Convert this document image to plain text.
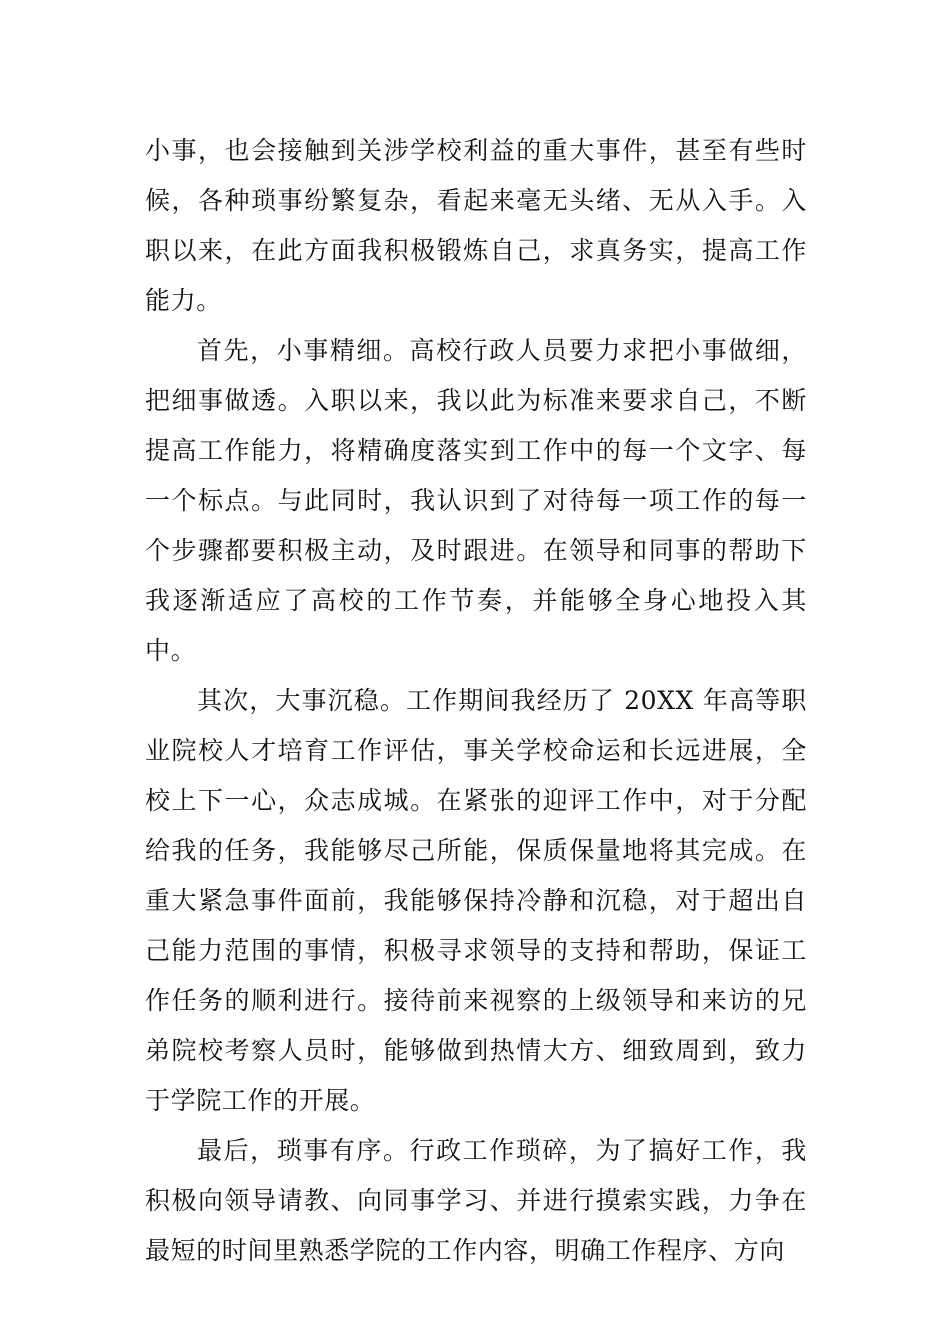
小事，也会接触到关涉学校利益的重大事件，甚至有些时候，各种琐事纷繁复杂，看起来毫无头绪、无从入手。入职以来，在此方面我积极锻炼自己，求真务实，提高工作能力。

首先，小事精细。高校行政人员要力求把小事做细，把细事做透。入职以来，我以此为标准来要求自己，不断提高工作能力，将精确度落实到工作中的每一个文字、每一个标点。与此同时，我认识到了对待每一项工作的每一个步骤都要积极主动，及时跟进。在领导和同事的帮助下我逐渐适应了高校的工作节奏，并能够全身心地投入其中。

其次，大事沉稳。工作期间我经历了 20XX 年高等职业院校人才培育工作评估，事关学校命运和长远进展，全校上下一心，众志成城。在紧张的迎评工作中，对于分配给我的任务，我能够尽己所能，保质保量地将其完成。在重大紧急事件面前，我能够保持冷静和沉稳，对于超出自己能力范围的事情，积极寻求领导的支持和帮助，保证工作任务的顺利进行。接待前来视察的上级领导和来访的兄弟院校考察人员时，能够做到热情大方、细致周到，致力于学院工作的开展。

最后，琐事有序。行政工作琐碎，为了搞好工作，我积极向领导请教、向同事学习、并进行摸索实践，力争在最短的时间里熟悉学院的工作内容，明确工作程序、方向
